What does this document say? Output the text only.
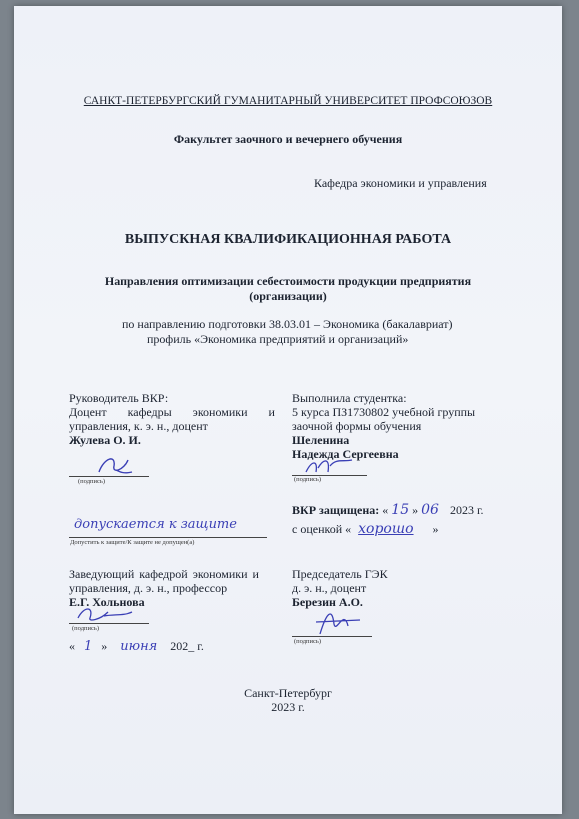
САНКТ-ПЕТЕРБУРГСКИЙ ГУМАНИТАРНЫЙ УНИВЕРСИТЕТ ПРОФСОЮЗОВ
Факультет заочного и вечернего обучения
Кафедра экономики и управления
ВЫПУСКНАЯ КВАЛИФИКАЦИОННАЯ РАБОТА
Направления оптимизации себестоимости продукции предприятия
(организации)
по направлению подготовки 38.03.01 – Экономика (бакалавриат)
профиль «Экономика предприятий и организаций»
Руководитель ВКР:
Доцент кафедры экономики и
управления, к. э. н., доцент
Жулева О. И.
(подпись)
Выполнила студентка:
5 курса ПЗ1730802 учебной группы
заочной формы обучения
Шеленина
Надежда Сергеевна
(подпись)
ВКР защищена: « 15 » 06 2023 г.
с оценкой « хорошо »
допускается к защите
Допустить к защите/К защите не допущен(а)
Заведующий кафедрой экономики и
управления, д. э. н., профессор
Е.Г. Хольнова
(подпись)
« 1 » июня 202_ г.
Председатель ГЭК
д. э. н., доцент
Березин А.О.
(подпись)
Санкт-Петербург
2023 г.
